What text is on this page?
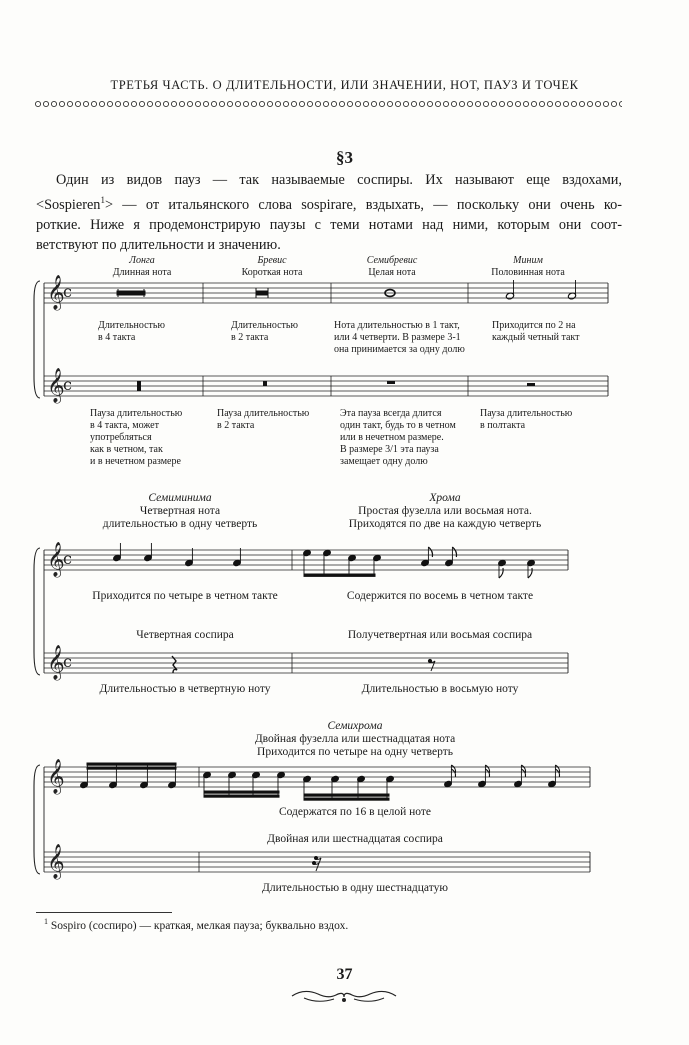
ТРЕТЬЯ ЧАСТЬ. О ДЛИТЕЛЬНОСТИ, ИЛИ ЗНАЧЕНИИ, НОТ, ПАУЗ И ТОЧЕК
§3

Один из видов пауз — так называемые соспиры. Их называют еще вздохами,

<Sospieren$^1$> — от итальянского слова sospirare, вздыхать, — поскольку они очень ко-

роткие. Ниже я продемонстрирую паузы с теми нотами над ними, которым они соот-

ветствуют по длительности и значению.

Лонга
Длинная нота
Бревис
Короткая нота
Семибревис
Целая нота
Миним
Половинная нота
Длительностью
в 4 такта
Длительностью
в 2 такта
Нота длительностью в 1 такт,
или 4 четверти. В размере 3-1
она принимается за одну долю
Приходится по 2 на
каждый четный такт
Пауза длительностью
в 4 такта, может
употребляться
как в четном, так
и в нечетном размере
Пауза длительностью
в 2 такта
Эта пауза всегда длится
один такт, будь то в четном
или в нечетном размере.
В размере 3/1 эта пауза
замещает одну долю
Пауза длительностью
в полтакта
Семиминима
Четвертная нота
длительностью в одну четверть
Хрома
Простая фузелла или восьмая нота.
Приходятся по две на каждую четверть
Приходится по четыре в четном такте	Содержится по восемь в четном такте
Четвертная соспира	Получетвертная или восьмая соспира
Длительностью в четвертную ноту	Длительностью в восьмую ноту
Семихрома
Двойная фузелла или шестнадцатая нота
Приходится по четыре на одну четверть
Содержатся по 16 в целой ноте
Двойная или шестнадцатая соспира
Длительностью в одну шестнадцатую
𝄞
𝄞
𝄞
𝄞
𝄞
𝄞
c
c
c
c
$^1$ Sospiro (соспиро) — краткая, мелкая пауза; буквально вздох.
37
